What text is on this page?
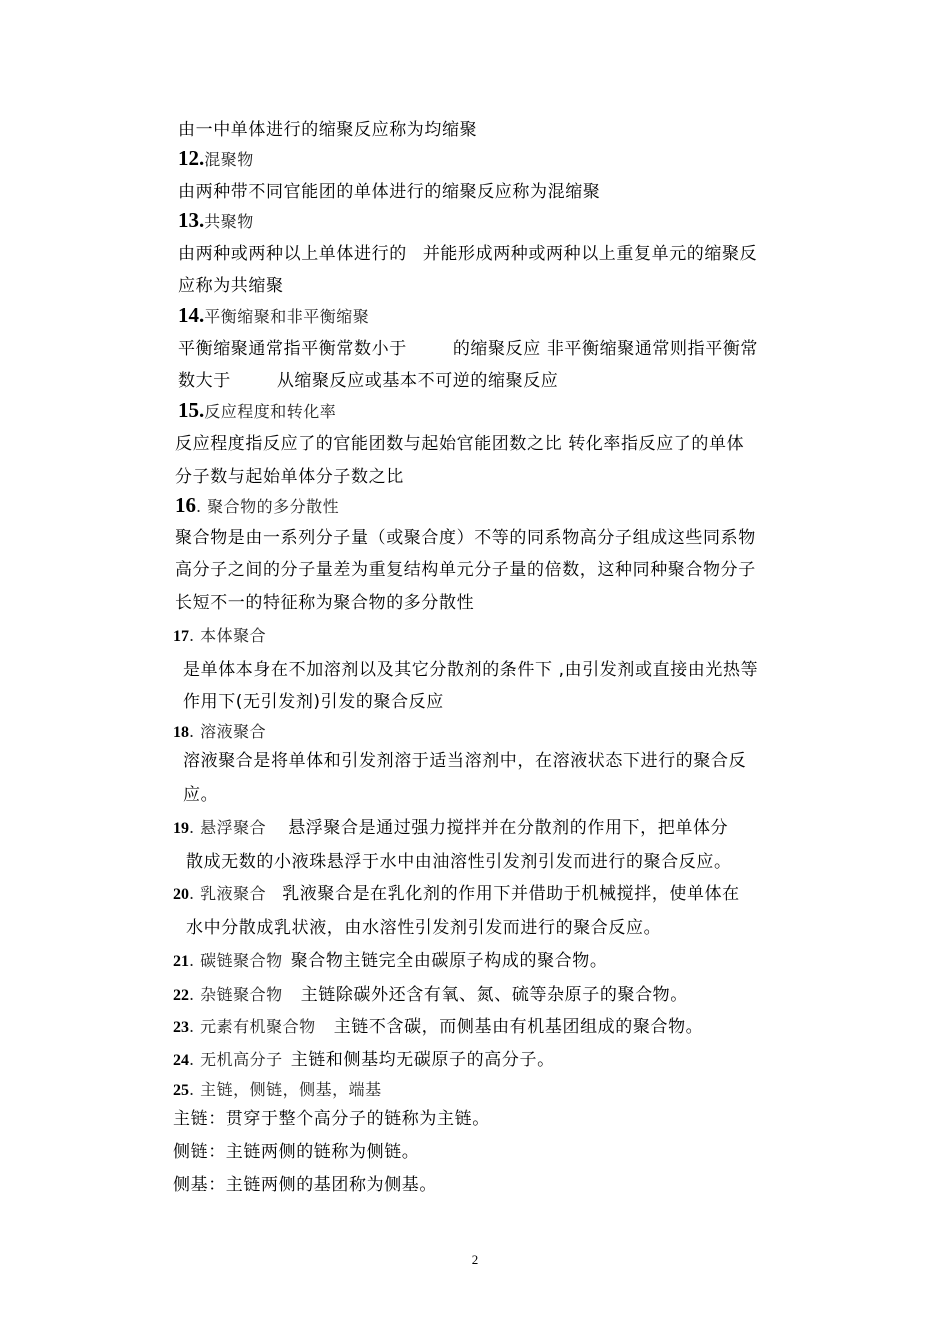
由一中单体进行的缩聚反应称为均缩聚
12.混聚物
由两种带不同官能团的单体进行的缩聚反应称为混缩聚
13.共聚物
由两种或两种以上单体进行的 并能形成两种或两种以上重复单元的缩聚反
应称为共缩聚
14.平衡缩聚和非平衡缩聚
平衡缩聚通常指平衡常数小于	的缩聚反应 非平衡缩聚通常则指平衡常
数大于	从缩聚反应或基本不可逆的缩聚反应
15.反应程度和转化率
反应程度指反应了的官能团数与起始官能团数之比 转化率指反应了的单体
分子数与起始单体分子数之比
16. 聚合物的多分散性
聚合物是由一系列分子量（或聚合度）不等的同系物高分子组成这些同系物
高分子之间的分子量差为重复结构单元分子量的倍数，这种同种聚合物分子
长短不一的特征称为聚合物的多分散性
17. 本体聚合
是单体本身在不加溶剂以及其它分散剂的条件下 ,由引发剂或直接由光热等
作用下(无引发剂)引发的聚合反应
18. 溶液聚合
溶液聚合是将单体和引发剂溶于适当溶剂中，在溶液状态下进行的聚合反
应。
19. 悬浮聚合 悬浮聚合是通过强力搅拌并在分散剂的作用下，把单体分
散成无数的小液珠悬浮于水中由油溶性引发剂引发而进行的聚合反应。
20. 乳液聚合 乳液聚合是在乳化剂的作用下并借助于机械搅拌，使单体在
水中分散成乳状液，由水溶性引发剂引发而进行的聚合反应。
21. 碳链聚合物 聚合物主链完全由碳原子构成的聚合物。
22. 杂链聚合物 主链除碳外还含有氧、氮、硫等杂原子的聚合物。
23. 元素有机聚合物 主链不含碳，而侧基由有机基团组成的聚合物。
24. 无机高分子 主链和侧基均无碳原子的高分子。
25. 主链，侧链，侧基，端基
主链：贯穿于整个高分子的链称为主链。
侧链：主链两侧的链称为侧链。
侧基：主链两侧的基团称为侧基。
2
